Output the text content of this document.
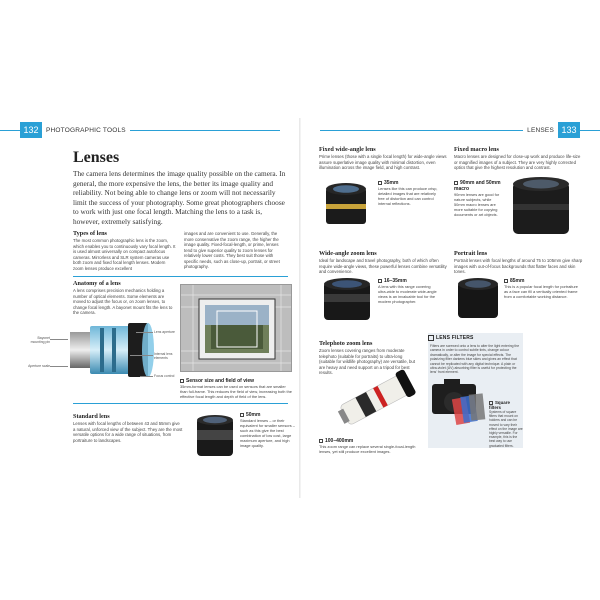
132	PHOTOGRAPHIC TOOLS	LENSES 133
Lenses
The camera lens determines the image quality possible on the camera. In general, the more expensive the lens, the better its image quality and reliability. Not being able to change lens or zoom will not necessarily limit the success of your photography. Some great photographers choose to work with just one focal length. Matching the lens to a task is, however, extremely satisfying.
Types of lens
The most common photographic lens is the zoom, which enables you to continuously vary focal length. It is used almost universally on compact autofocus cameras. Mirrorless and SLR system cameras use both zoom and fixed focal length lenses. Modern zoom lenses produce excellent
images and are convenient to use. Generally, the more conservative the zoom range, the higher the image quality. Fixed-focal-length, or prime, lenses tend to give superior quality to zoom lenses for relatively lower costs. They best suit those with specific needs, such as close-up, portrait, or street photography.
Anatomy of a lens
A lens comprises precision mechanics holding a number of optical elements. Some elements are moved to adjust the focus or, on zoom lenses, to change focal length. A bayonet mount fits the lens to the camera.
Bayonet mounting pin
Aperture scale
Lens aperture
Internal lens elements
Focus control
Sensor size and field of view
35mm-format lenses can be used on sensors that are smaller than full-frame. This reduces the field of view, increasing both the effective focal length and depth of field of the lens.
Standard lens
Lenses with focal lengths of between 43 and 55mm give a natural, unforced view of the subject. They are the most versatile options for a wide range of situations, from portraiture to landscapes.
50mm
Standard lenses – or their equivalent for smaller sensors – such as this give the best combination of low cost, large maximum aperture, and high image quality.
Fixed wide-angle lens
Prime lenses (those with a single focal length) for wide-angle views assure superlative image quality with minimal distortion, even illumination across the image field, and high contrast.
35mm
Lenses like this can produce crisp, detailed images that are relatively free of distortion and can control internal reflections.
Fixed macro lens
Macro lenses are designed for close-up work and produce life-size or magnified images of a subject. They are very highly corrected optics that give the highest resolution and contrast.
90mm and 50mm macro
90mm lenses are good for nature subjects, while 50mm macro lenses are more suitable for copying documents or art objects.
Wide-angle zoom lens
Ideal for landscape and travel photography, both of which often require wide-angle views, these powerful lenses combine versatility and convenience.
16–35mm
A lens with this range covering ultra-wide to moderate wide-angle views is an invaluable tool for the modern photographer.
Portrait lens
Portrait lenses with focal lengths of around 75 to 105mm give sharp images with out-of-focus backgrounds that flatter faces and skin tones.
85mm
This is a popular focal length for portraiture as a face can fill a vertically oriented frame from a comfortable working distance.
Telephoto zoom lens
Zoom lenses covering ranges from moderate telephoto (suitable for portraits) to ultra-long (suitable for wildlife photography) are versatile, but are heavy and need support on a tripod for best results.
100–400mm
This zoom range can replace several single-focal-length lenses, yet still produce excellent images.
LENS FILTERS
Filters are screwed onto a lens to alter the light entering the camera in order to control subtle tints, change colour dramatically, or alter the image for special effects. The polarizing filter darkens blue skies and gives an effect that cannot be replicated with any digital technique. A plain or ultra-violet (UV) absorbing filter is useful for protecting the lens' front element.
Square filters
Systems of square filters that mount on holders and can be moved to vary their effect on the image are highly versatile. For example, this is the best way to use graduated filters.
